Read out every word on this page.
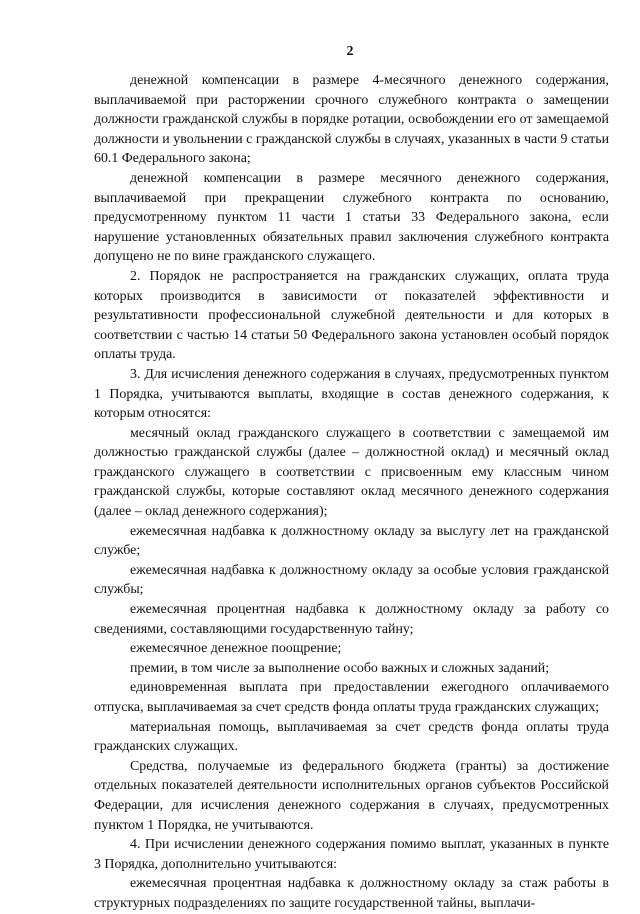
2

денежной компенсации в размере 4-месячного денежного содержания, выплачиваемой при расторжении срочного служебного контракта о замещении должности гражданской службы в порядке ротации, освобождении его от замещаемой должности и увольнении с гражданской службы в случаях, указанных в части 9 статьи 60.1 Федерального закона;

денежной компенсации в размере месячного денежного содержания, выплачиваемой при прекращении служебного контракта по основанию, предусмотренному пунктом 11 части 1 статьи 33 Федерального закона, если нарушение установленных обязательных правил заключения служебного контракта допущено не по вине гражданского служащего.

2. Порядок не распространяется на гражданских служащих, оплата труда которых производится в зависимости от показателей эффективности и результативности профессиональной служебной деятельности и для которых в соответствии с частью 14 статьи 50 Федерального закона установлен особый порядок оплаты труда.

3. Для исчисления денежного содержания в случаях, предусмотренных пунктом 1 Порядка, учитываются выплаты, входящие в состав денежного содержания, к которым относятся:

месячный оклад гражданского служащего в соответствии с замещаемой им должностью гражданской службы (далее – должностной оклад) и месячный оклад гражданского служащего в соответствии с присвоенным ему классным чином гражданской службы, которые составляют оклад месячного денежного содержания (далее – оклад денежного содержания);

ежемесячная надбавка к должностному окладу за выслугу лет на гражданской службе;

ежемесячная надбавка к должностному окладу за особые условия гражданской службы;

ежемесячная процентная надбавка к должностному окладу за работу со сведениями, составляющими государственную тайну;

ежемесячное денежное поощрение;

премии, в том числе за выполнение особо важных и сложных заданий;

единовременная выплата при предоставлении ежегодного оплачиваемого отпуска, выплачиваемая за счет средств фонда оплаты труда гражданских служащих;

материальная помощь, выплачиваемая за счет средств фонда оплаты труда гражданских служащих.

Средства, получаемые из федерального бюджета (гранты) за достижение отдельных показателей деятельности исполнительных органов субъектов Российской Федерации, для исчисления денежного содержания в случаях, предусмотренных пунктом 1 Порядка, не учитываются.

4. При исчислении денежного содержания помимо выплат, указанных в пункте 3 Порядка, дополнительно учитываются:

ежемесячная процентная надбавка к должностному окладу за стаж работы в структурных подразделениях по защите государственной тайны, выплачи-
